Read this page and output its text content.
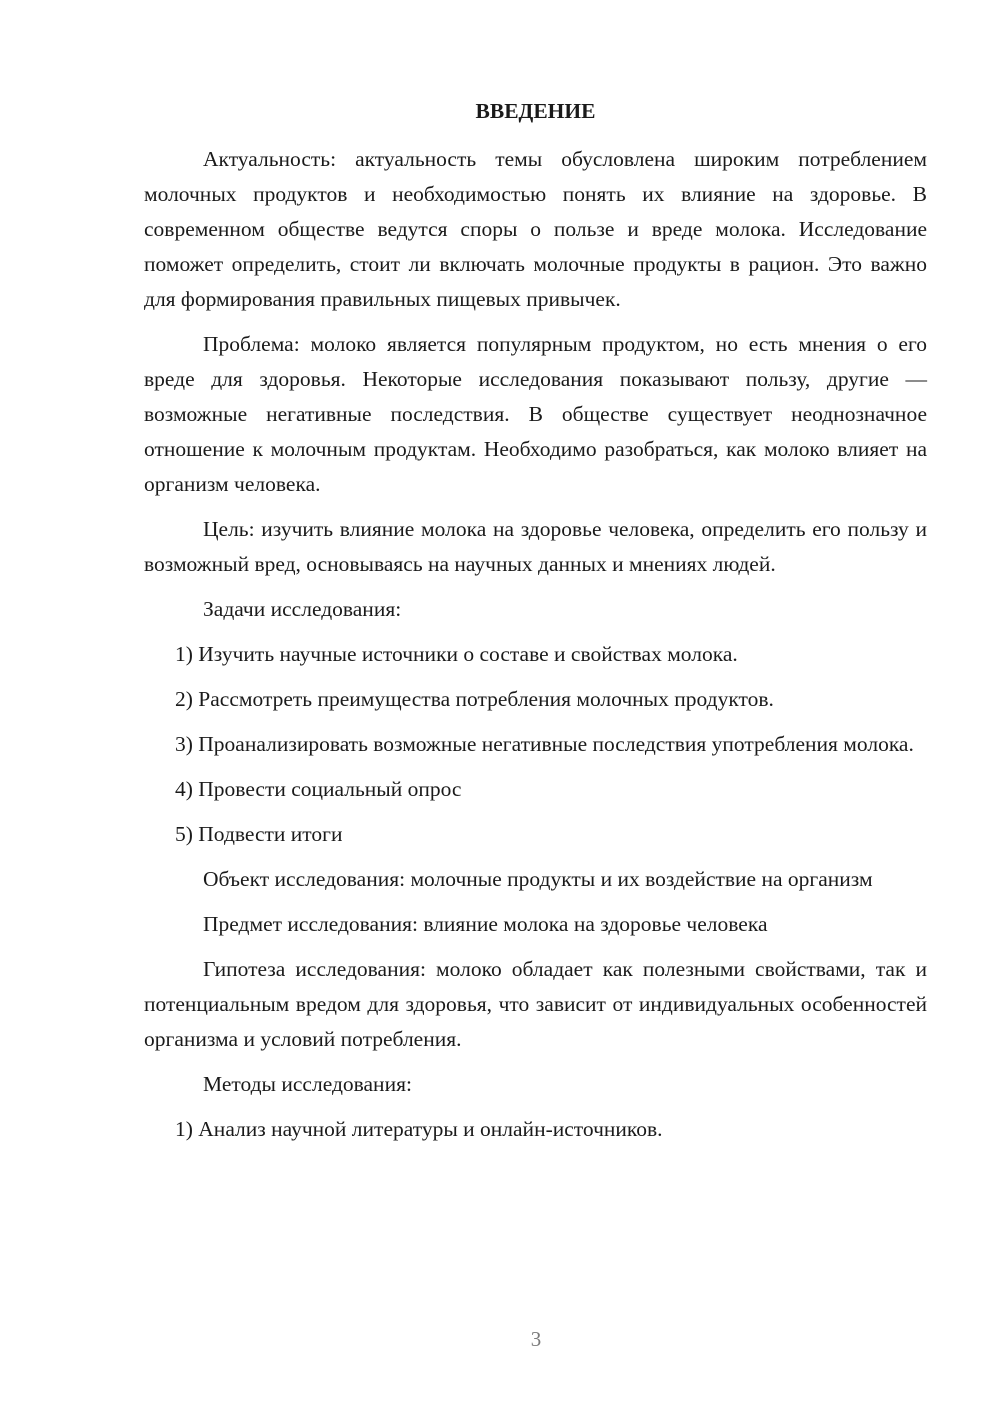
ВВЕДЕНИЕ

Актуальность: актуальность темы обусловлена широким потреблением молочных продуктов и необходимостью понять их влияние на здоровье. В современном обществе ведутся споры о пользе и вреде молока. Исследование поможет определить, стоит ли включать молочные продукты в рацион. Это важно для формирования правильных пищевых привычек.

Проблема: молоко является популярным продуктом, но есть мнения о его вреде для здоровья. Некоторые исследования показывают пользу, другие — возможные негативные последствия. В обществе существует неоднозначное отношение к молочным продуктам. Необходимо разобраться, как молоко влияет на организм человека.

Цель: изучить влияние молока на здоровье человека, определить его пользу и возможный вред, основываясь на научных данных и мнениях людей.

Задачи исследования:

1) Изучить научные источники о составе и свойствах молока.

2) Рассмотреть преимущества потребления молочных продуктов.

3) Проанализировать возможные негативные последствия употребления молока.

4) Провести социальный опрос

5) Подвести итоги

Объект исследования: молочные продукты и их воздействие на организм

Предмет исследования: влияние молока на здоровье человека

Гипотеза исследования: молоко обладает как полезными свойствами, так и потенциальным вредом для здоровья, что зависит от индивидуальных особенностей организма и условий потребления.

Методы исследования:

1) Анализ научной литературы и онлайн-источников.

3
